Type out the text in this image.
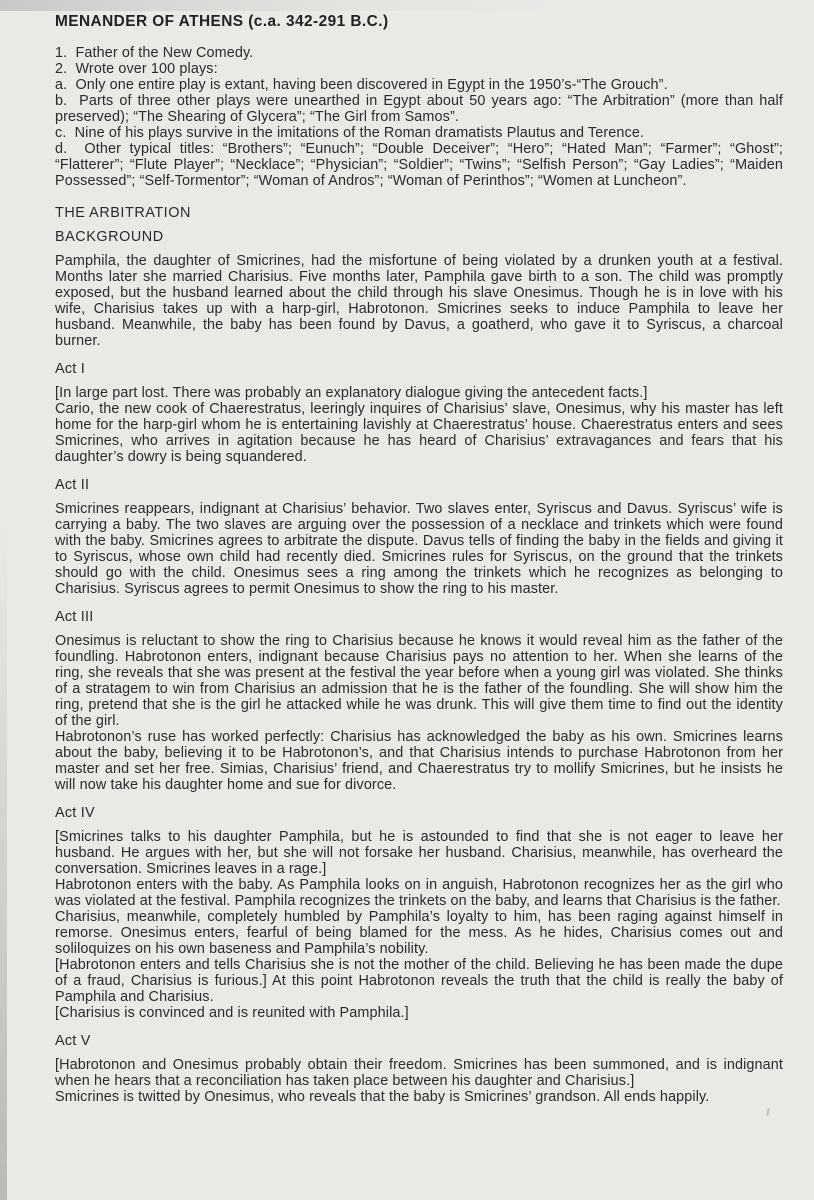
MENANDER OF ATHENS (c.a. 342-291 B.C.)
1.  Father of the New Comedy.
2.  Wrote over 100 plays:
a.  Only one entire play is extant, having been discovered in Egypt in the 1950’s-“The Grouch”.
b.  Parts of three other plays were unearthed in Egypt about 50 years ago: “The Arbitration” (more than half preserved); “The Shearing of Glycera”; “The Girl from Samos”.
c.  Nine of his plays survive in the imitations of the Roman dramatists Plautus and Terence.
d.  Other typical titles: “Brothers”; “Eunuch”; “Double Deceiver”; “Hero”; “Hated Man”; “Farmer”; “Ghost”; “Flatterer”; “Flute Player”; “Necklace”; “Physician”; “Soldier”; “Twins”; “Selfish Person”; “Gay Ladies”; “Maiden Possessed”; “Self-Tormentor”; “Woman of Andros”; “Woman of Perinthos”; “Women at Luncheon”.
THE ARBITRATION
BACKGROUND

Pamphila, the daughter of Smicrines, had the misfortune of being violated by a drunken youth at a festival. Months later she married Charisius. Five months later, Pamphila gave birth to a son. The child was promptly exposed, but the husband learned about the child through his slave Onesimus. Though he is in love with his wife, Charisius takes up with a harp-girl, Habrotonon. Smicrines seeks to induce Pamphila to leave her husband. Meanwhile, the baby has been found by Davus, a goatherd, who gave it to Syriscus, a charcoal burner.

Act I

[In large part lost. There was probably an explanatory dialogue giving the antecedent facts.]

Cario, the new cook of Chaerestratus, leeringly inquires of Charisius’ slave, Onesimus, why his master has left home for the harp-girl whom he is entertaining lavishly at Chaerestratus’ house. Chaerestratus enters and sees Smicrines, who arrives in agitation because he has heard of Charisius’ extravagances and fears that his daughter’s dowry is being squandered.

Act II

Smicrines reappears, indignant at Charisius’ behavior. Two slaves enter, Syriscus and Davus. Syriscus’ wife is carrying a baby. The two slaves are arguing over the possession of a necklace and trinkets which were found with the baby. Smicrines agrees to arbitrate the dispute. Davus tells of finding the baby in the fields and giving it to Syriscus, whose own child had recently died. Smicrines rules for Syriscus, on the ground that the trinkets should go with the child. Onesimus sees a ring among the trinkets which he recognizes as belonging to Charisius. Syriscus agrees to permit Onesimus to show the ring to his master.

Act III

Onesimus is reluctant to show the ring to Charisius because he knows it would reveal him as the father of the foundling. Habrotonon enters, indignant because Charisius pays no attention to her. When she learns of the ring, she reveals that she was present at the festival the year before when a young girl was violated. She thinks of a stratagem to win from Charisius an admission that he is the father of the foundling. She will show him the ring, pretend that she is the girl he attacked while he was drunk. This will give them time to find out the identity of the girl.

Habrotonon’s ruse has worked perfectly: Charisius has acknowledged the baby as his own. Smicrines learns about the baby, believing it to be Habrotonon’s, and that Charisius intends to purchase Habrotonon from her master and set her free. Simias, Charisius’ friend, and Chaerestratus try to mollify Smicrines, but he insists he will now take his daughter home and sue for divorce.

Act IV

[Smicrines talks to his daughter Pamphila, but he is astounded to find that she is not eager to leave her husband. He argues with her, but she will not forsake her husband. Charisius, meanwhile, has overheard the conversation. Smicrines leaves in a rage.]

Habrotonon enters with the baby. As Pamphila looks on in anguish, Habrotonon recognizes her as the girl who was violated at the festival. Pamphila recognizes the trinkets on the baby, and learns that Charisius is the father.

Charisius, meanwhile, completely humbled by Pamphila’s loyalty to him, has been raging against himself in remorse. Onesimus enters, fearful of being blamed for the mess. As he hides, Charisius comes out and soliloquizes on his own baseness and Pamphila’s nobility.

[Habrotonon enters and tells Charisius she is not the mother of the child. Believing he has been made the dupe of a fraud, Charisius is furious.] At this point Habrotonon reveals the truth that the child is really the baby of Pamphila and Charisius.

[Charisius is convinced and is reunited with Pamphila.]

Act V

[Habrotonon and Onesimus probably obtain their freedom. Smicrines has been summoned, and is indignant when he hears that a reconciliation has taken place between his daughter and Charisius.]

Smicrines is twitted by Onesimus, who reveals that the baby is Smicrines’ grandson. All ends happily.
